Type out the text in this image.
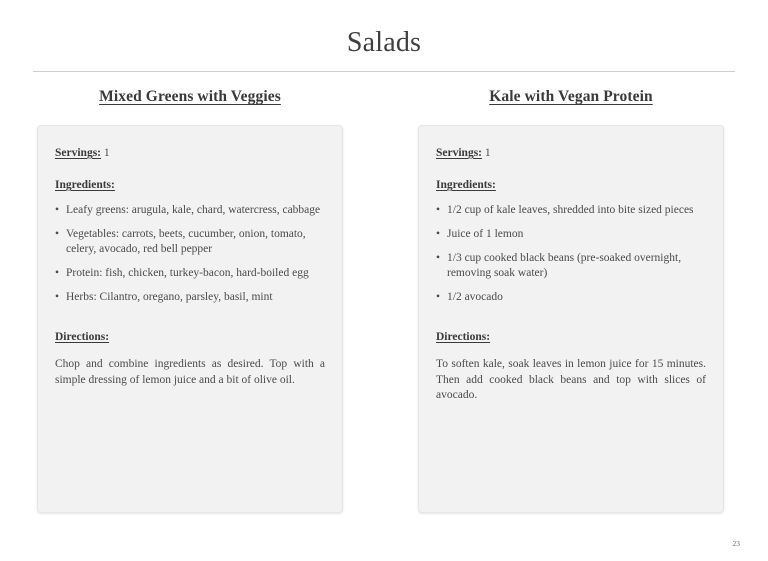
Salads
Mixed Greens with Veggies

Servings: 1

Ingredients:

• Leafy greens: arugula, kale, chard, watercress, cabbage
• Vegetables: carrots, beets, cucumber, onion, tomato, celery, avocado, red bell pepper
• Protein: fish, chicken, turkey-bacon, hard-boiled egg
• Herbs: Cilantro, oregano, parsley, basil, mint

Directions:

Chop and combine ingredients as desired. Top with a simple dressing of lemon juice and a bit of olive oil.

Kale with Vegan Protein

Servings: 1

Ingredients:

• 1/2 cup of kale leaves, shredded into bite sized pieces
• Juice of 1 lemon
• 1/3 cup cooked black beans (pre-soaked overnight, removing soak water)
• 1/2 avocado

Directions:

To soften kale, soak leaves in lemon juice for 15 minutes. Then add cooked black beans and top with slices of avocado.

23
